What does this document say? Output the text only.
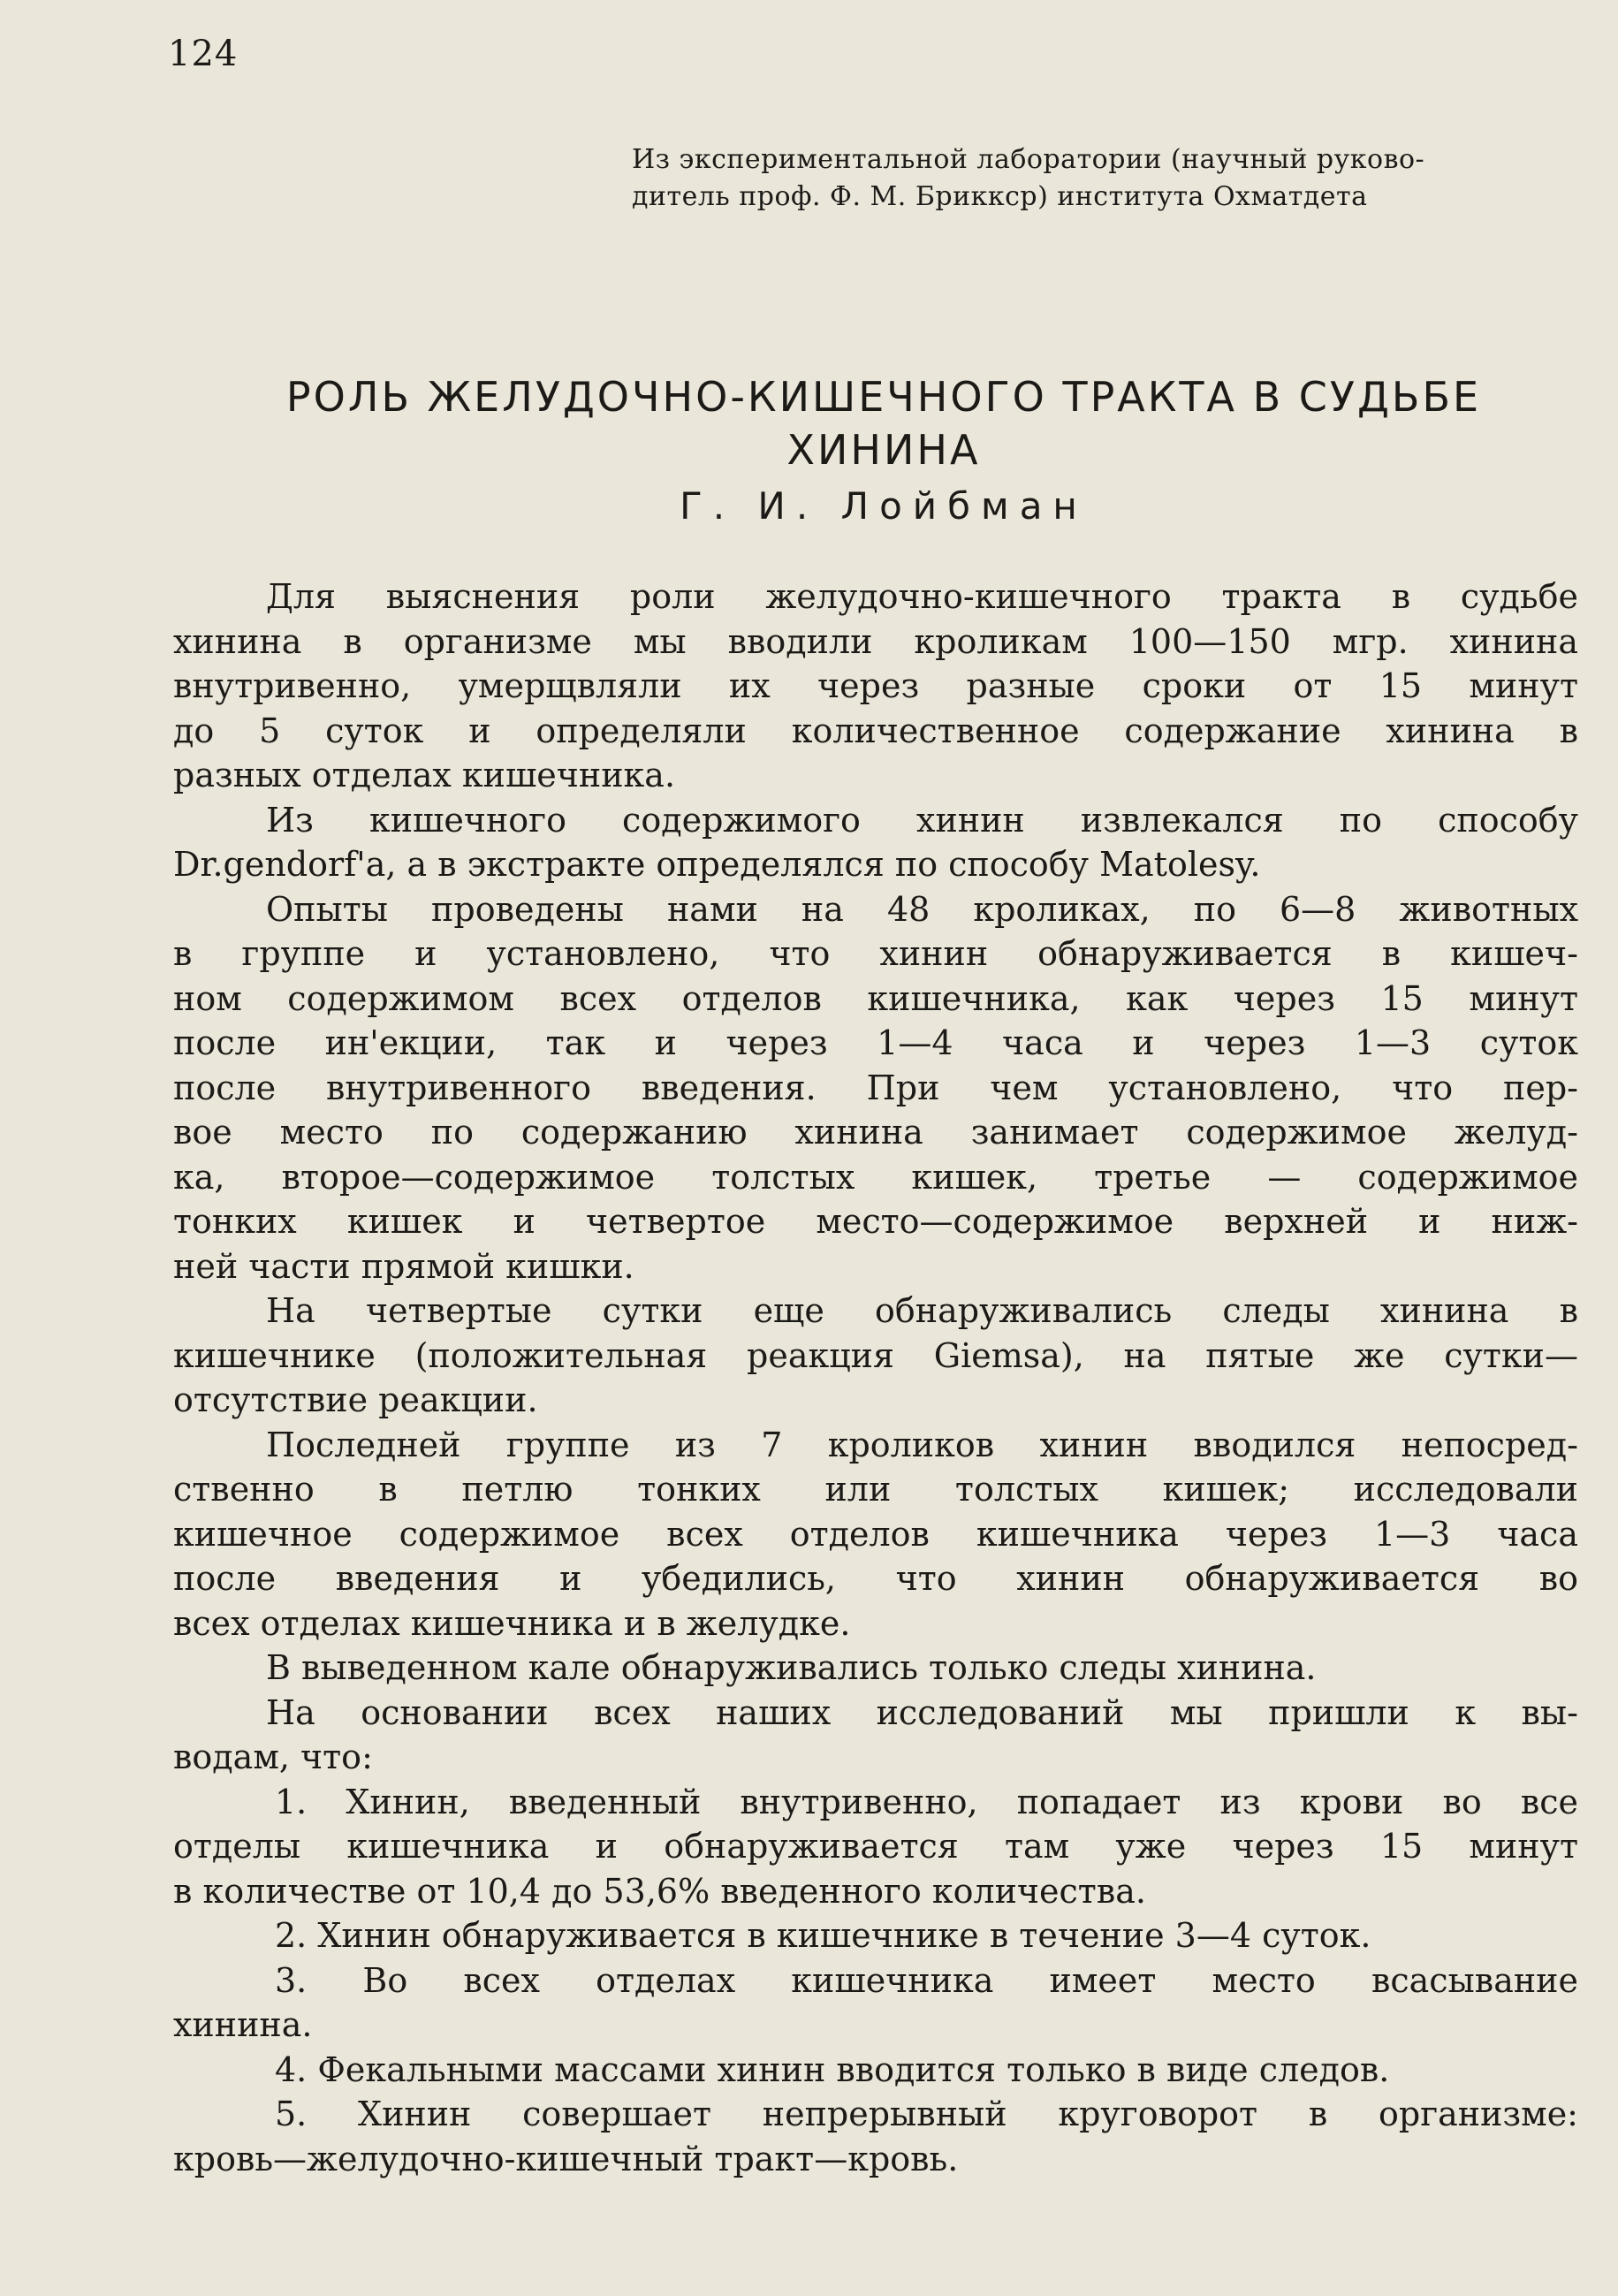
124
Из экспериментальной лаборатории (научный руково-
дитель проф. Ф. М. Бриккср) института Охматдета
РОЛЬ ЖЕЛУДОЧНО-КИШЕЧНОГО ТРАКТА В СУДЬБЕ
ХИНИНА
Г. И. Лойбман
Для выяснения роли желудочно-кишечного тракта в судьбе
хинина в организме мы вводили кроликам 100—150 мгр. хинина
внутривенно, умерщвляли их через разные сроки от 15 минут
до 5 суток и определяли количественное содержание хинина в
разных отделах кишечника.
Из кишечного содержимого хинин извлекался по способу
Dr.gendorf'a, а в экстракте определялся по способу Matolesy.
Опыты проведены нами на 48 кроликах, по 6—8 животных
в группе и установлено, что хинин обнаруживается в кишеч-
ном содержимом всех отделов кишечника, как через 15 минут
после ин'екции, так и через 1—4 часа и через 1—3 суток
после внутривенного введения. При чем установлено, что пер-
вое место по содержанию хинина занимает содержимое желуд-
ка, второе—содержимое толстых кишек, третье — содержимое
тонких кишек и четвертое место—содержимое верхней и ниж-
ней части прямой кишки.
На четвертые сутки еще обнаруживались следы хинина в
кишечнике (положительная реакция Giemsa), на пятые же сутки—
отсутствие реакции.
Последней группе из 7 кроликов хинин вводился непосред-
ственно в петлю тонких или толстых кишек; исследовали
кишечное содержимое всех отделов кишечника через 1—3 часа
после введения и убедились, что хинин обнаруживается во
всех отделах кишечника и в желудке.
В выведенном кале обнаруживались только следы хинина.
На основании всех наших исследований мы пришли к вы-
водам, что:
1. Хинин, введенный внутривенно, попадает из крови во все
отделы кишечника и обнаруживается там уже через 15 минут
в количестве от 10,4 до 53,6% введенного количества.
2. Хинин обнаруживается в кишечнике в течение 3—4 суток.
3. Во всех отделах кишечника имеет место всасывание
хинина.
4. Фекальными массами хинин вводится только в виде следов.
5. Хинин совершает непрерывный круговорот в организме:
кровь—желудочно-кишечный тракт—кровь.
